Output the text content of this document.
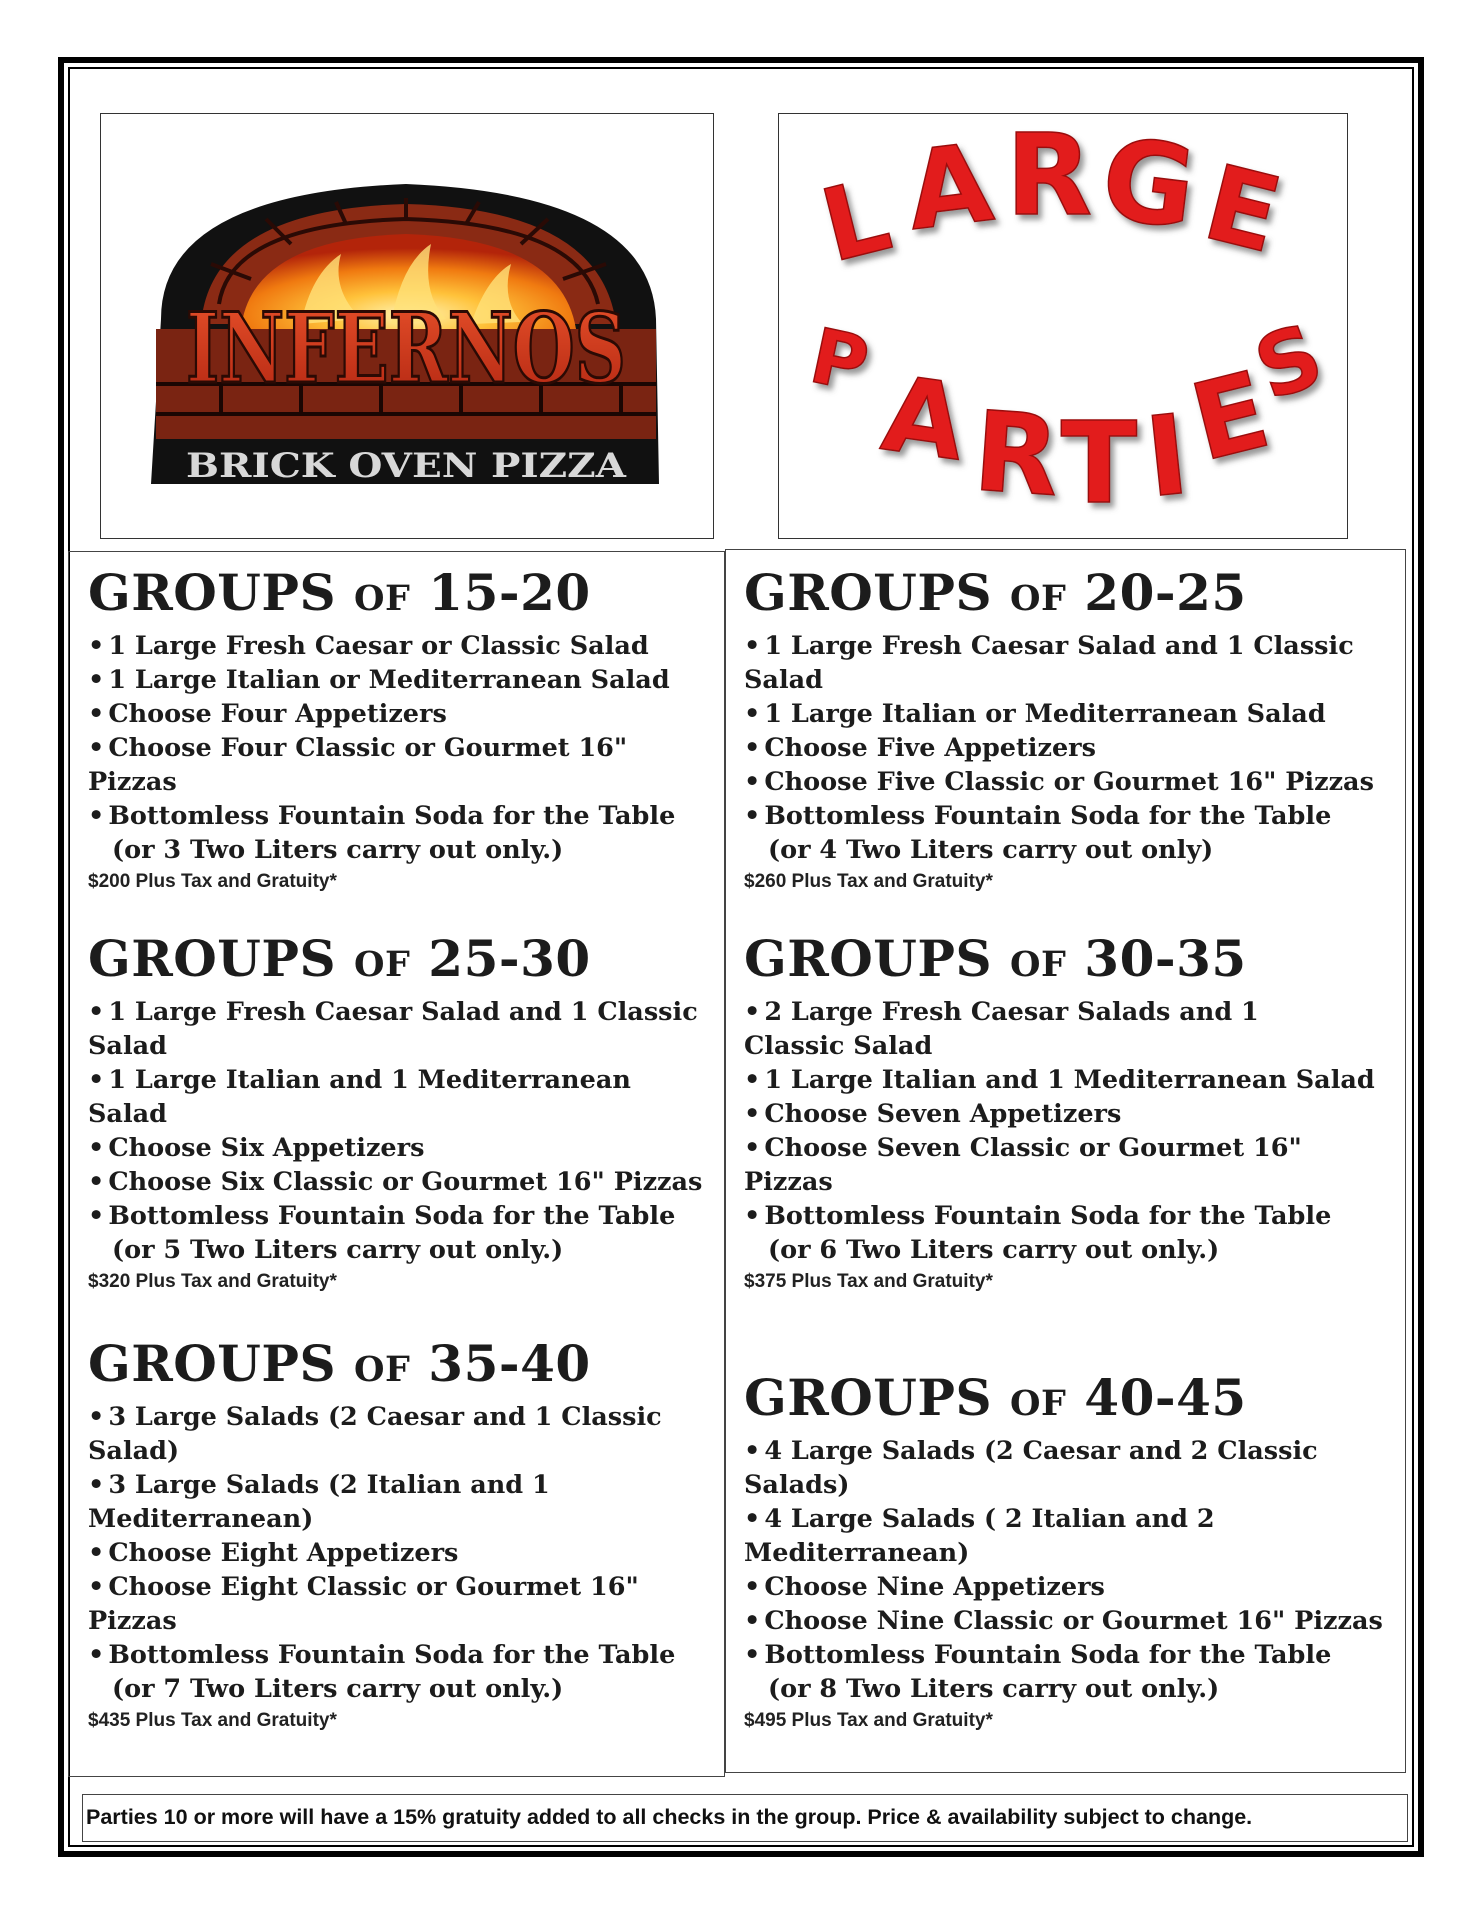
INFERNOS
BRICK OVEN PIZZA
L A R G
E
P A
R
T I
E
S
GROUPS OF 15-20
• 1 Large Fresh Caesar or Classic Salad
• 1 Large Italian or Mediterranean Salad
• Choose Four Appetizers
• Choose Four Classic or Gourmet 16" Pizzas
• Bottomless Fountain Soda for the Table
(or 3 Two Liters carry out only.)
$200 Plus Tax and Gratuity*
GROUPS OF 20-25
• 1 Large Fresh Caesar Salad and 1 Classic Salad
• 1 Large Italian or Mediterranean Salad
• Choose Five Appetizers
• Choose Five Classic or Gourmet 16" Pizzas
• Bottomless Fountain Soda for the Table
(or 4 Two Liters carry out only)
$260 Plus Tax and Gratuity*
GROUPS OF 25-30
• 1 Large Fresh Caesar Salad and 1 Classic Salad
• 1 Large Italian and 1 Mediterranean Salad
• Choose Six Appetizers
• Choose Six Classic or Gourmet 16" Pizzas
• Bottomless Fountain Soda for the Table
(or 5 Two Liters carry out only.)
$320 Plus Tax and Gratuity*
GROUPS OF 30-35
• 2 Large Fresh Caesar Salads and 1 Classic Salad
• 1 Large Italian and 1 Mediterranean Salad
• Choose Seven Appetizers
• Choose Seven Classic or Gourmet 16" Pizzas
• Bottomless Fountain Soda for the Table
(or 6 Two Liters carry out only.)
$375 Plus Tax and Gratuity*
GROUPS OF 35-40
• 3 Large Salads (2 Caesar and 1 Classic Salad)
• 3 Large Salads (2 Italian and 1 Mediterranean)
• Choose Eight Appetizers
• Choose Eight Classic or Gourmet 16" Pizzas
• Bottomless Fountain Soda for the Table
(or 7 Two Liters carry out only.)
$435 Plus Tax and Gratuity*
GROUPS OF 40-45
• 4 Large Salads (2 Caesar and 2 Classic Salads)
• 4 Large Salads ( 2 Italian and 2 Mediterranean)
• Choose Nine Appetizers
• Choose Nine Classic or Gourmet 16" Pizzas
• Bottomless Fountain Soda for the Table
(or 8 Two Liters carry out only.)
$495 Plus Tax and Gratuity*
Parties 10 or more will have a 15% gratuity added to all checks in the group. Price & availability subject to change.
